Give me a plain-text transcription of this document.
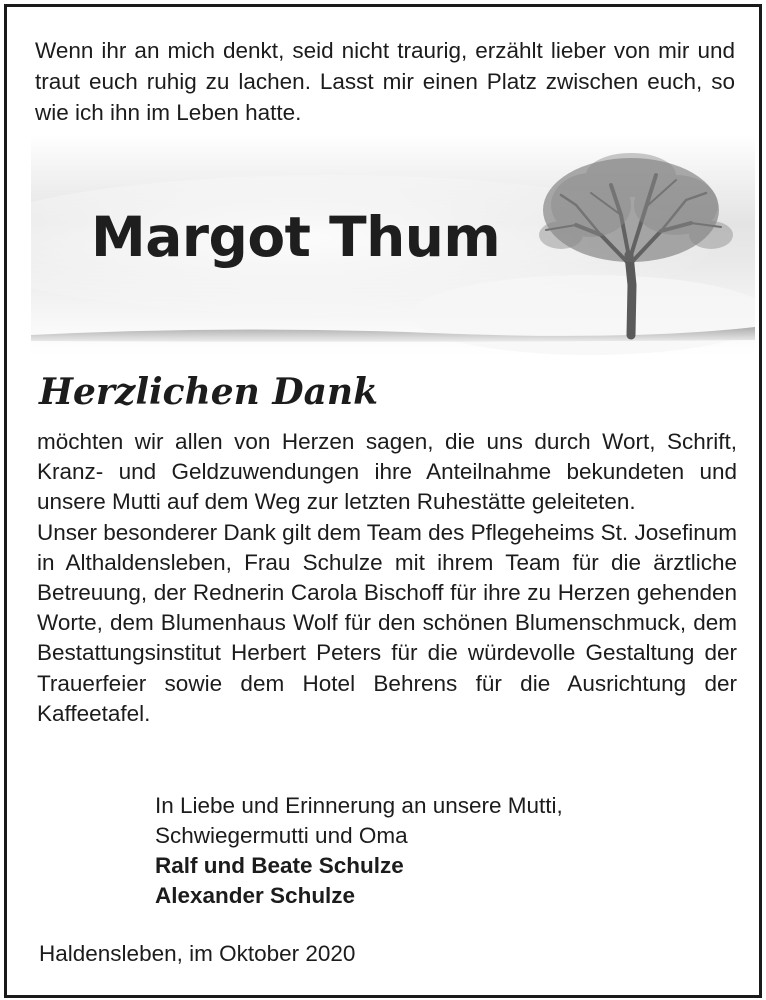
Wenn ihr an mich denkt, seid nicht traurig, erzählt lieber von mir und traut euch ruhig zu lachen. Lasst mir einen Platz zwischen euch, so wie ich ihn im Leben hatte.

Margot Thum
Herzlichen Dank

möchten wir allen von Herzen sagen, die uns durch Wort, Schrift, Kranz- und Geldzuwendungen ihre Anteilnahme bekundeten und unsere Mutti auf dem Weg zur letzten Ruhestätte geleiteten.

Unser besonderer Dank gilt dem Team des Pflegeheims St. Josefinum in Althaldensleben, Frau Schulze mit ihrem Team für die ärztliche Betreuung, der Rednerin Carola Bischoff für ihre zu Herzen gehenden Worte, dem Blumenhaus Wolf für den schönen Blumenschmuck, dem Bestattungsinstitut Herbert Peters für die würdevolle Gestaltung der Trauerfeier sowie dem Hotel Behrens für die Ausrichtung der Kaffeetafel.

In Liebe und Erinnerung an unsere Mutti,
Schwiegermutti und Oma
Ralf und Beate Schulze
Alexander Schulze

Haldensleben, im Oktober 2020
